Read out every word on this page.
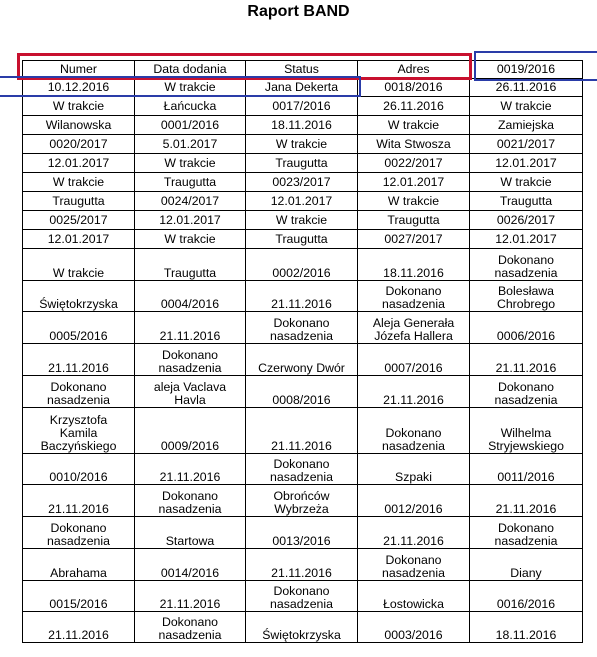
Raport BAND
Numer	Data dodania	Status	Adres	0019/2016

10.12.2016	W trakcie	Jana Dekerta	0018/2016	26.11.2016

W trakcie	Łańcucka	0017/2016	26.11.2016	W trakcie

Wilanowska	0001/2016	18.11.2016	W trakcie	Zamiejska

0020/2017	5.01.2017	W trakcie	Wita Stwosza	0021/2017

12.01.2017	W trakcie	Traugutta	0022/2017	12.01.2017

W trakcie	Traugutta	0023/2017	12.01.2017	W trakcie

Traugutta	0024/2017	12.01.2017	W trakcie	Traugutta

0025/2017	12.01.2017	W trakcie	Traugutta	0026/2017

12.01.2017	W trakcie	Traugutta	0027/2017	12.01.2017

W trakcie	Traugutta	0002/2016	18.11.2016	Dokonano
nasadzenia

Świętokrzyska	0004/2016	21.11.2016	Dokonano
nasadzenia	Bolesława
Chrobrego

0005/2016	21.11.2016	Dokonano
nasadzenia	Aleja Generała
Józefa Hallera	0006/2016

21.11.2016	Dokonano
nasadzenia	Czerwony Dwór	0007/2016	21.11.2016

Dokonano
nasadzenia	aleja Vaclava
Havla	0008/2016	21.11.2016	Dokonano
nasadzenia

Krzysztofa
Kamila
Baczyńskiego	0009/2016	21.11.2016	Dokonano
nasadzenia	Wilhelma
Stryjewskiego

0010/2016	21.11.2016	Dokonano
nasadzenia	Szpaki	0011/2016

21.11.2016	Dokonano
nasadzenia	Obrońców
Wybrzeża	0012/2016	21.11.2016

Dokonano
nasadzenia	Startowa	0013/2016	21.11.2016	Dokonano
nasadzenia

Abrahama	0014/2016	21.11.2016	Dokonano
nasadzenia	Diany

0015/2016	21.11.2016	Dokonano
nasadzenia	Łostowicka	0016/2016

21.11.2016	Dokonano
nasadzenia	Świętokrzyska	0003/2016	18.11.2016
